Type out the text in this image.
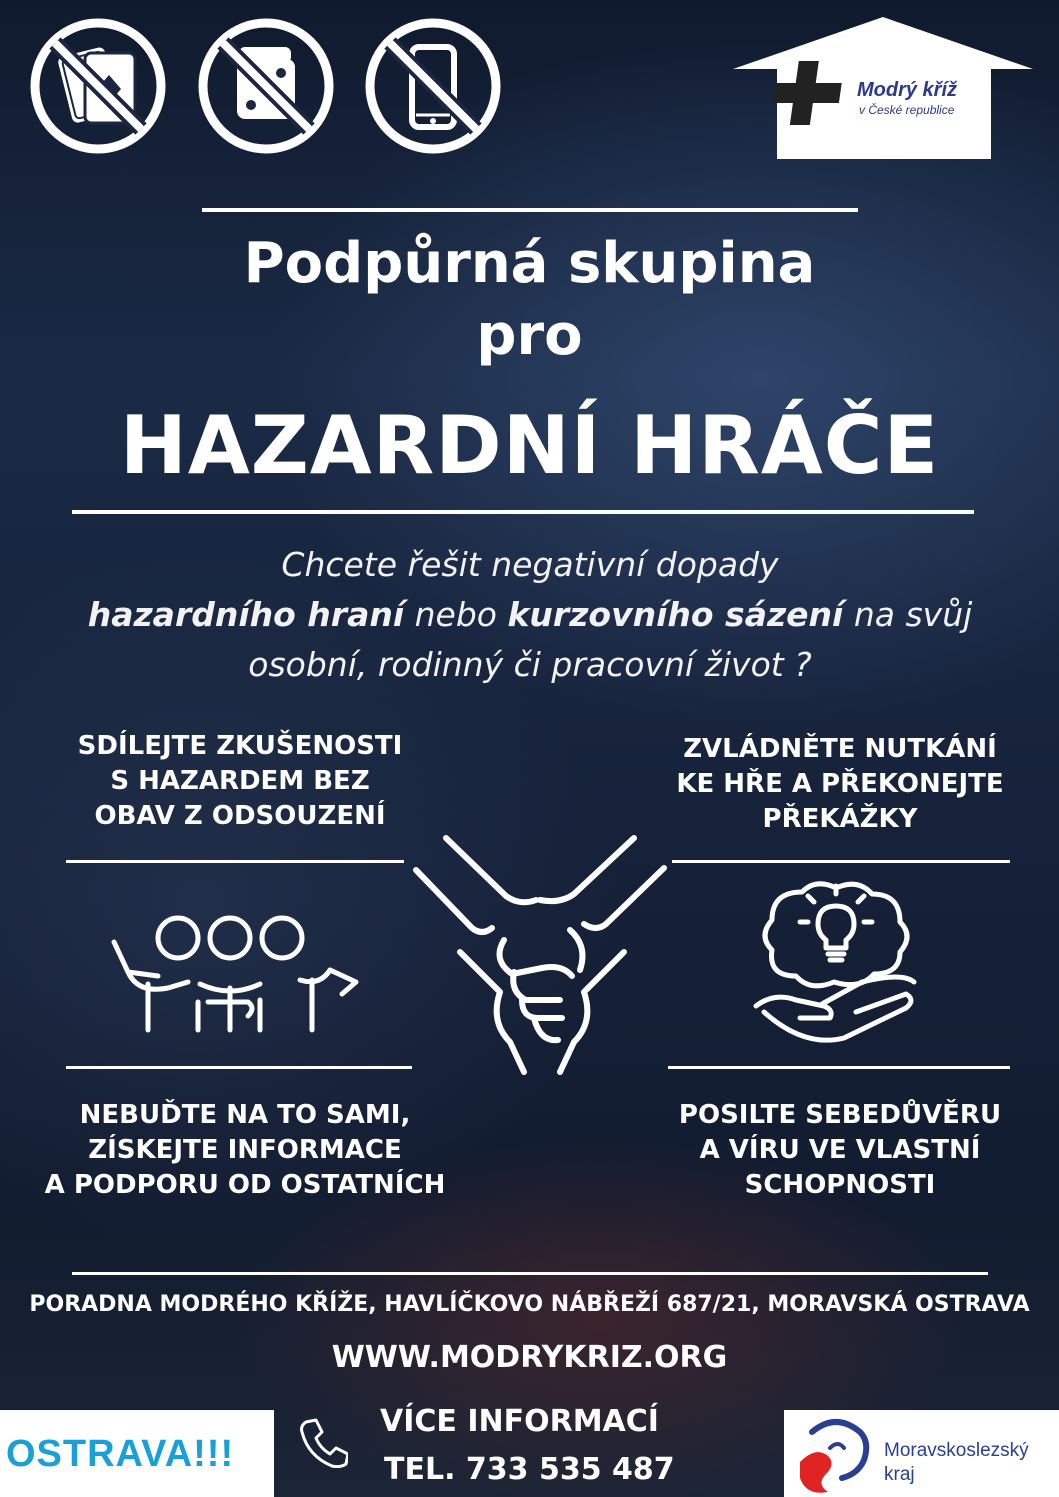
Modrý kříž
v České republice
Podpůrná skupina
pro
HAZARDNÍ HRÁČE
Chcete řešit negativní dopady
hazardního hraní nebo kurzovního sázení na svůj
osobní, rodinný či pracovní život ?
SDÍLEJTE ZKUŠENOSTI
S HAZARDEM BEZ
OBAV Z ODSOUZENÍ
ZVLÁDNĚTE NUTKÁNÍ
KE HŘE A PŘEKONEJTE
PŘEKÁŽKY
NEBUĎTE NA TO SAMI,
ZÍSKEJTE INFORMACE
A PODPORU OD OSTATNÍCH
POSILTE SEBEDŮVĚRU
A VÍRU VE VLASTNÍ
SCHOPNOSTI
PORADNA MODRÉHO KŘÍŽE, HAVLÍČKOVO NÁBŘEŽÍ 687/21, MORAVSKÁ OSTRAVA
WWW.MODRYKRIZ.ORG
OSTRAVA!!!
VÍCE INFORMACÍ
TEL. 733 535 487
Moravskoslezský
kraj
